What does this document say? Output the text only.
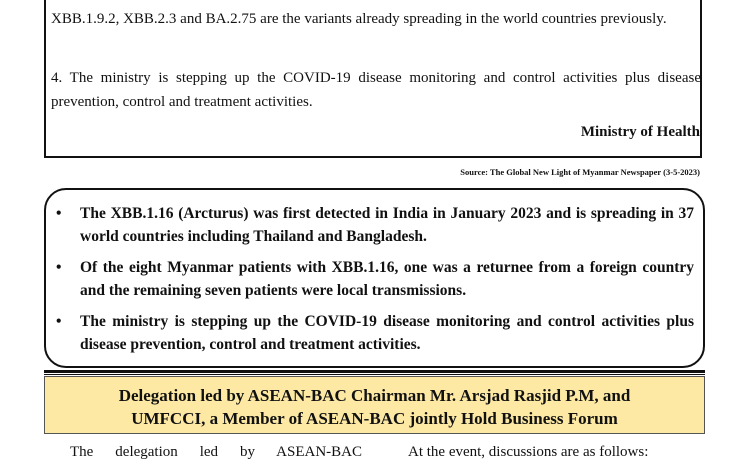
XBB.1.9.2, XBB.2.3 and BA.2.75 are the variants already spreading in the world countries previously.

4. The ministry is stepping up the COVID-19 disease monitoring and control activities plus disease prevention, control and treatment activities.

Ministry of Health
Source: The Global New Light of Myanmar Newspaper (3-5-2023)
• The XBB.1.16 (Arcturus) was first detected in India in January 2023 and is spreading in 37 world countries including Thailand and Bangladesh.
• Of the eight Myanmar patients with XBB.1.16, one was a returnee from a foreign country and the remaining seven patients were local transmissions.
• The ministry is stepping up the COVID-19 disease monitoring and control activities plus disease prevention, control and treatment activities.
Delegation led by ASEAN-BAC Chairman Mr. Arsjad Rasjid P.M, and
UMFCCI, a Member of ASEAN-BAC jointly Hold Business Forum
The delegation led by ASEAN-BAC	At the event, discussions are as follows:
